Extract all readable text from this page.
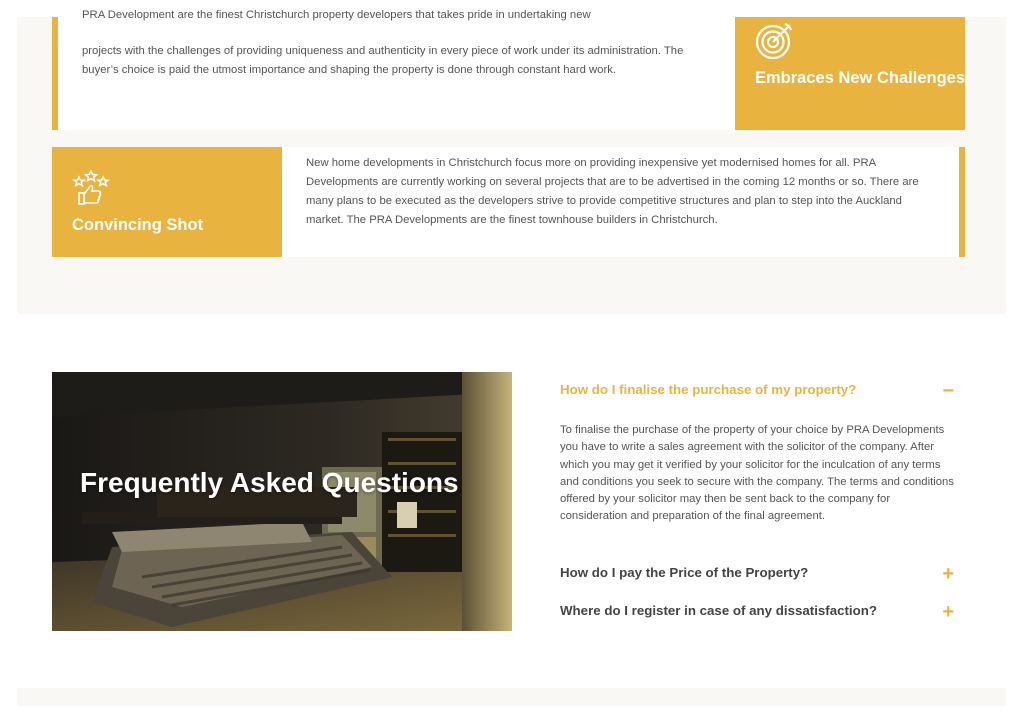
PRA Development are the finest Christchurch property developers that takes pride in undertaking new
projects with the challenges of providing uniqueness and authenticity in every piece of work under its administration. The buyer’s choice is paid the utmost importance and shaping the property is done through constant hard work.	Embraces New Challenges
Convincing Shot
New home developments in Christchurch focus more on providing inexpensive yet modernised homes for all. PRA Developments are currently working on several projects that are to be advertised in the coming 12 months or so. There are many plans to be executed as the developers strive to provide competitive structures and plan to step into the Auckland market. The PRA Developments are the finest townhouse builders in Christchurch.
Frequently Asked Questions
How do I finalise the purchase of my property?	−
To finalise the purchase of the property of your choice by PRA Developments you have to write a sales agreement with the solicitor of the company. After which you may get it verified by your solicitor for the inculcation of any terms and conditions you seek to secure with the company. The terms and conditions offered by your solicitor may then be sent back to the company for consideration and preparation of the final agreement.
How do I pay the Price of the Property?	+
Where do I register in case of any dissatisfaction?	+
